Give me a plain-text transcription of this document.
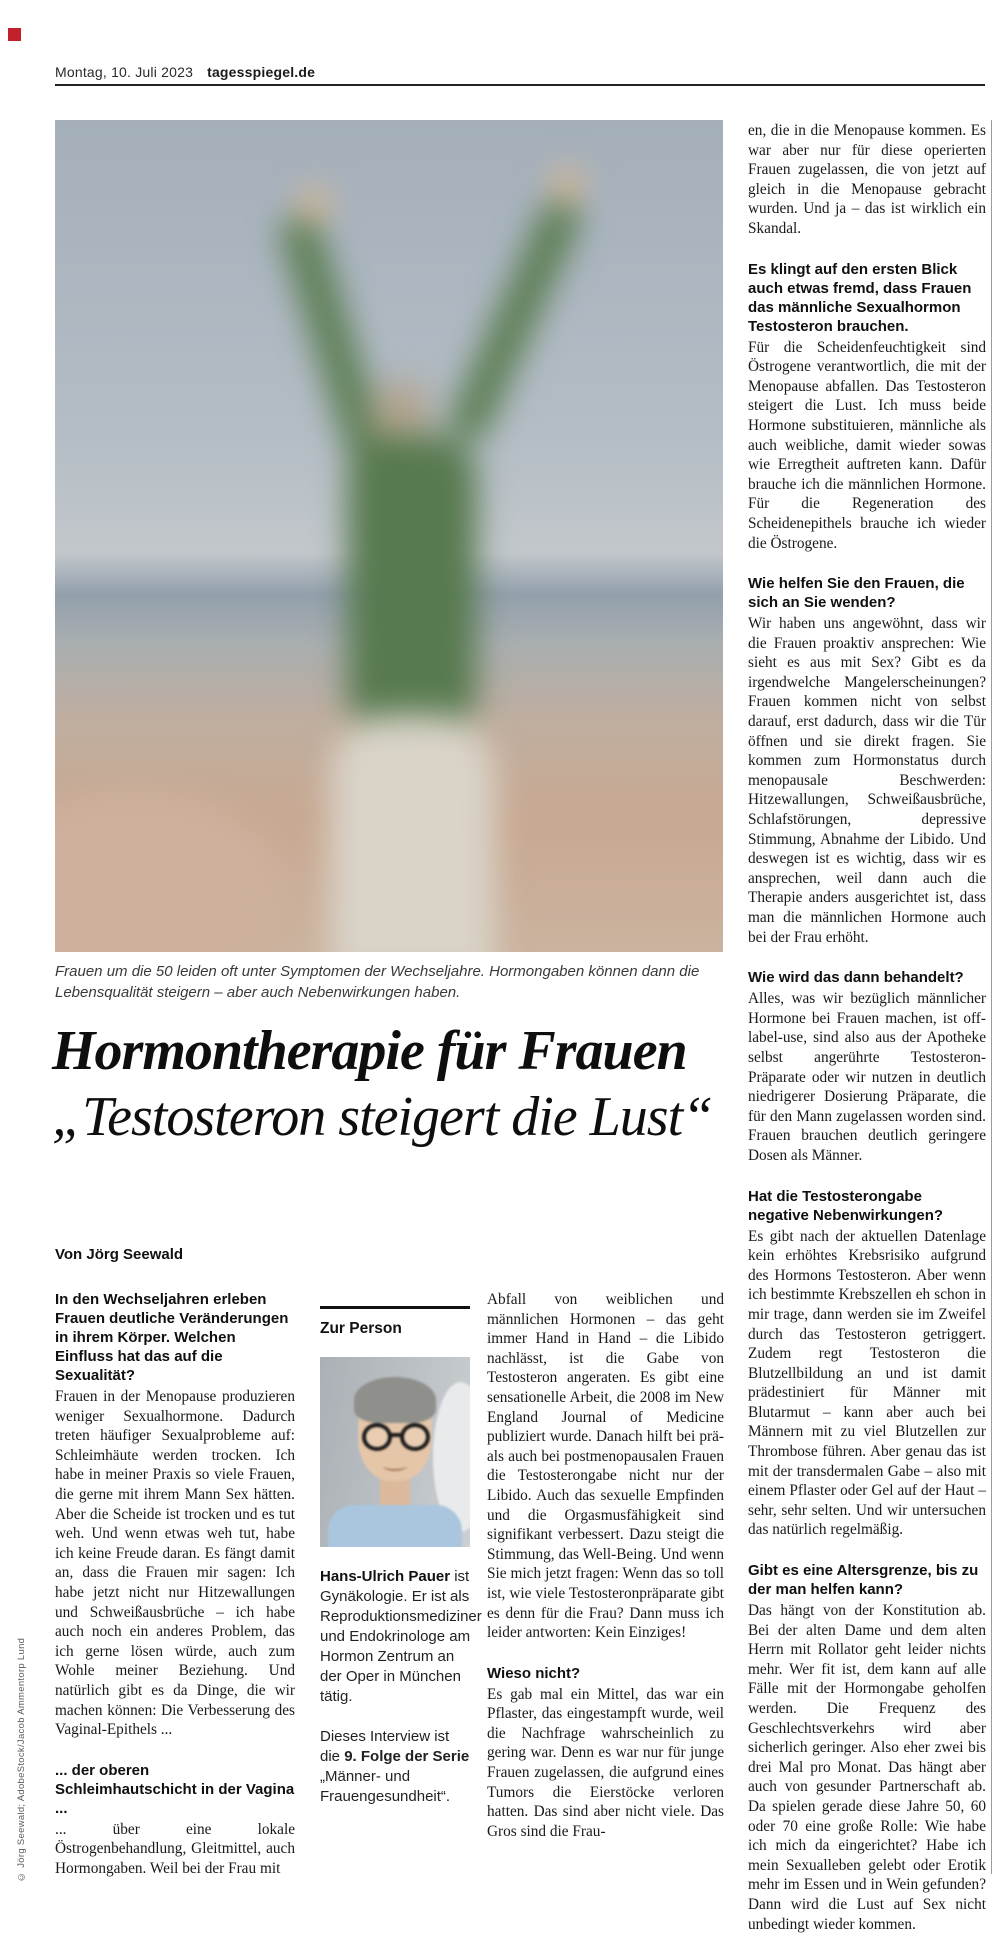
Montag, 10. Juli 2023 tagesspiegel.de
Frauen um die 50 leiden oft unter Symptomen der Wechseljahre. Hormongaben können dann die Lebensqualität steigern – aber auch Nebenwirkungen haben.
Hormontherapie für Frauen „Testosteron steigert die Lust“
Von Jörg Seewald

In den Wechseljahren erleben Frauen deutliche Veränderungen in ihrem Körper. Welchen Einfluss hat das auf die Sexualität?

Frauen in der Menopause produzieren weniger Sexualhormone. Dadurch treten häufiger Sexualprobleme auf: Schleimhäute werden trocken. Ich habe in meiner Praxis so viele Frauen, die gerne mit ihrem Mann Sex hätten. Aber die Scheide ist trocken und es tut weh. Und wenn etwas weh tut, habe ich keine Freude daran. Es fängt damit an, dass die Frauen mir sagen: Ich habe jetzt nicht nur Hitzewallungen und Schweißausbrüche – ich habe auch noch ein anderes Problem, das ich gerne lösen würde, auch zum Wohle meiner Beziehung. Und natürlich gibt es da Dinge, die wir machen können: Die Verbesserung des Vaginal-Epithels ...

... der oberen Schleimhautschicht in der Vagina ...

... über eine lokale Östrogenbehandlung, Gleitmittel, auch Hormongaben. Weil bei der Frau mit

Zur Person

Hans-Ulrich Pauer ist Gynäkologie. Er ist als Reproduktionsmediziner und Endokrinologe am Hormon Zentrum an der Oper in München tätig.

Dieses Interview ist die 9. Folge der Serie „Männer- und Frauengesundheit“.

Abfall von weiblichen und männlichen Hormonen – das geht immer Hand in Hand – die Libido nachlässt, ist die Gabe von Testosteron angeraten. Es gibt eine sensationelle Arbeit, die 2008 im New England Journal of Medicine publiziert wurde. Danach hilft bei prä- als auch bei postmenopausalen Frauen die Testosterongabe nicht nur der Libido. Auch das sexuelle Empfinden und die Orgasmusfähigkeit sind signifikant verbessert. Dazu steigt die Stimmung, das Well-Being. Und wenn Sie mich jetzt fragen: Wenn das so toll ist, wie viele Testosteronpräparate gibt es denn für die Frau? Dann muss ich leider antworten: Kein Einziges!

Wieso nicht?

Es gab mal ein Mittel, das war ein Pflaster, das eingestampft wurde, weil die Nachfrage wahrscheinlich zu gering war. Denn es war nur für junge Frauen zugelassen, die aufgrund eines Tumors die Eierstöcke verloren hatten. Das sind aber nicht viele. Das Gros sind die Frau-

en, die in die Menopause kommen. Es war aber nur für diese operierten Frauen zugelassen, die von jetzt auf gleich in die Menopause gebracht wurden. Und ja – das ist wirklich ein Skandal.

Es klingt auf den ersten Blick auch etwas fremd, dass Frauen das männliche Sexualhormon Testosteron brauchen.

Für die Scheidenfeuchtigkeit sind Östrogene verantwortlich, die mit der Menopause abfallen. Das Testosteron steigert die Lust. Ich muss beide Hormone substituieren, männliche als auch weibliche, damit wieder sowas wie Erregtheit auftreten kann. Dafür brauche ich die männlichen Hormone. Für die Regeneration des Scheidenepithels brauche ich wieder die Östrogene.

Wie helfen Sie den Frauen, die sich an Sie wenden?

Wir haben uns angewöhnt, dass wir die Frauen proaktiv ansprechen: Wie sieht es aus mit Sex? Gibt es da irgendwelche Mangelerscheinungen? Frauen kommen nicht von selbst darauf, erst dadurch, dass wir die Tür öffnen und sie direkt fragen. Sie kommen zum Hormonstatus durch menopausale Beschwerden: Hitzewallungen, Schweißausbrüche, Schlafstörungen, depressive Stimmung, Abnahme der Libido. Und deswegen ist es wichtig, dass wir es ansprechen, weil dann auch die Therapie anders ausgerichtet ist, dass man die männlichen Hormone auch bei der Frau erhöht.

Wie wird das dann behandelt?

Alles, was wir bezüglich männlicher Hormone bei Frauen machen, ist off-label-use, sind also aus der Apotheke selbst angerührte Testosteron-Präparate oder wir nutzen in deutlich niedrigerer Dosierung Präparate, die für den Mann zugelassen worden sind. Frauen brauchen deutlich geringere Dosen als Männer.

Hat die Testosterongabe negative Nebenwirkungen?

Es gibt nach der aktuellen Datenlage kein erhöhtes Krebsrisiko aufgrund des Hormons Testosteron. Aber wenn ich bestimmte Krebszellen eh schon in mir trage, dann werden sie im Zweifel durch das Testosteron getriggert. Zudem regt Testosteron die Blutzellbildung an und ist damit prädestiniert für Männer mit Blutarmut – kann aber auch bei Männern mit zu viel Blutzellen zur Thrombose führen. Aber genau das ist mit der transdermalen Gabe – also mit einem Pflaster oder Gel auf der Haut – sehr, sehr selten. Und wir untersuchen das natürlich regelmäßig.

Gibt es eine Altersgrenze, bis zu der man helfen kann?

Das hängt von der Konstitution ab. Bei der alten Dame und dem alten Herrn mit Rollator geht leider nichts mehr. Wer fit ist, dem kann auf alle Fälle mit der Hormongabe geholfen werden. Die Frequenz des Geschlechtsverkehrs wird aber sicherlich geringer. Also eher zwei bis drei Mal pro Monat. Das hängt aber auch von gesunder Partnerschaft ab. Da spielen gerade diese Jahre 50, 60 oder 70 eine große Rolle: Wie habe ich mich da eingerichtet? Habe ich mein Sexualleben gelebt oder Erotik mehr im Essen und in Wein gefunden? Dann wird die Lust auf Sex nicht unbedingt wieder kommen.

© Jörg Seewald; AdobeStock/Jacob Ammentorp Lund
